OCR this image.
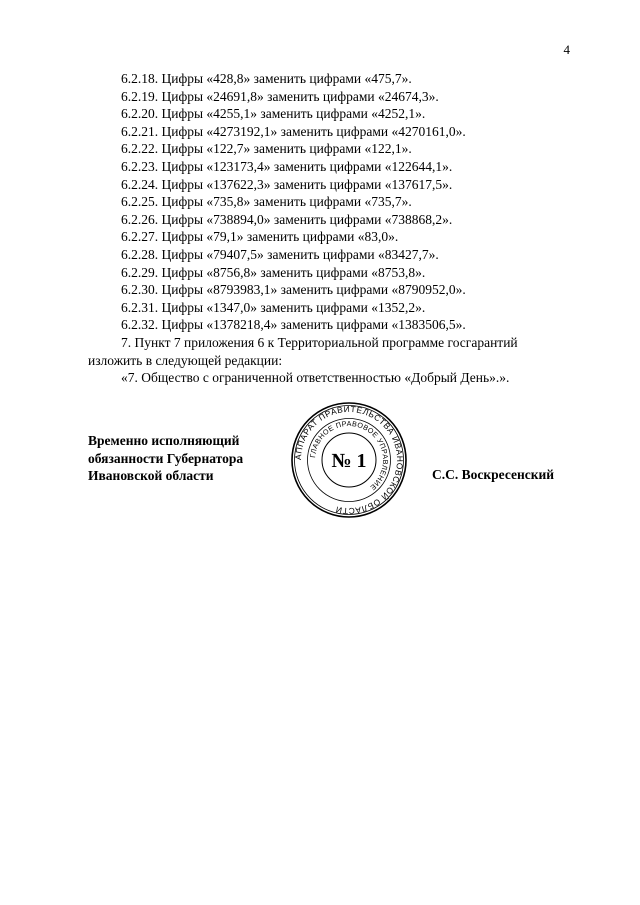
4
6.2.18. Цифры «428,8» заменить цифрами «475,7».
6.2.19. Цифры «24691,8» заменить цифрами «24674,3».
6.2.20. Цифры «4255,1» заменить цифрами «4252,1».
6.2.21. Цифры «4273192,1» заменить цифрами «4270161,0».
6.2.22. Цифры «122,7» заменить цифрами «122,1».
6.2.23. Цифры «123173,4» заменить цифрами «122644,1».
6.2.24. Цифры «137622,3» заменить цифрами «137617,5».
6.2.25. Цифры «735,8» заменить цифрами «735,7».
6.2.26. Цифры «738894,0» заменить цифрами «738868,2».
6.2.27. Цифры «79,1» заменить цифрами «83,0».
6.2.28. Цифры «79407,5» заменить цифрами «83427,7».
6.2.29. Цифры «8756,8» заменить цифрами «8753,8».
6.2.30. Цифры «8793983,1» заменить цифрами «8790952,0».
6.2.31. Цифры «1347,0» заменить цифрами «1352,2».
6.2.32. Цифры «1378218,4» заменить цифрами «1383506,5».
7. Пункт 7 приложения 6 к Территориальной программе госгарантий
изложить в следующей редакции:
«7. Общество с ограниченной ответственностью «Добрый День».».
Временно исполняющий
обязанности Губернатора
Ивановской области
АППАРАТ ПРАВИТЕЛЬСТВА ИВАНОВСКОЙ ОБЛАСТИ
ГЛАВНОЕ ПРАВОВОЕ УПРАВЛЕНИЕ
№ 1
С.С. Воскресенский
